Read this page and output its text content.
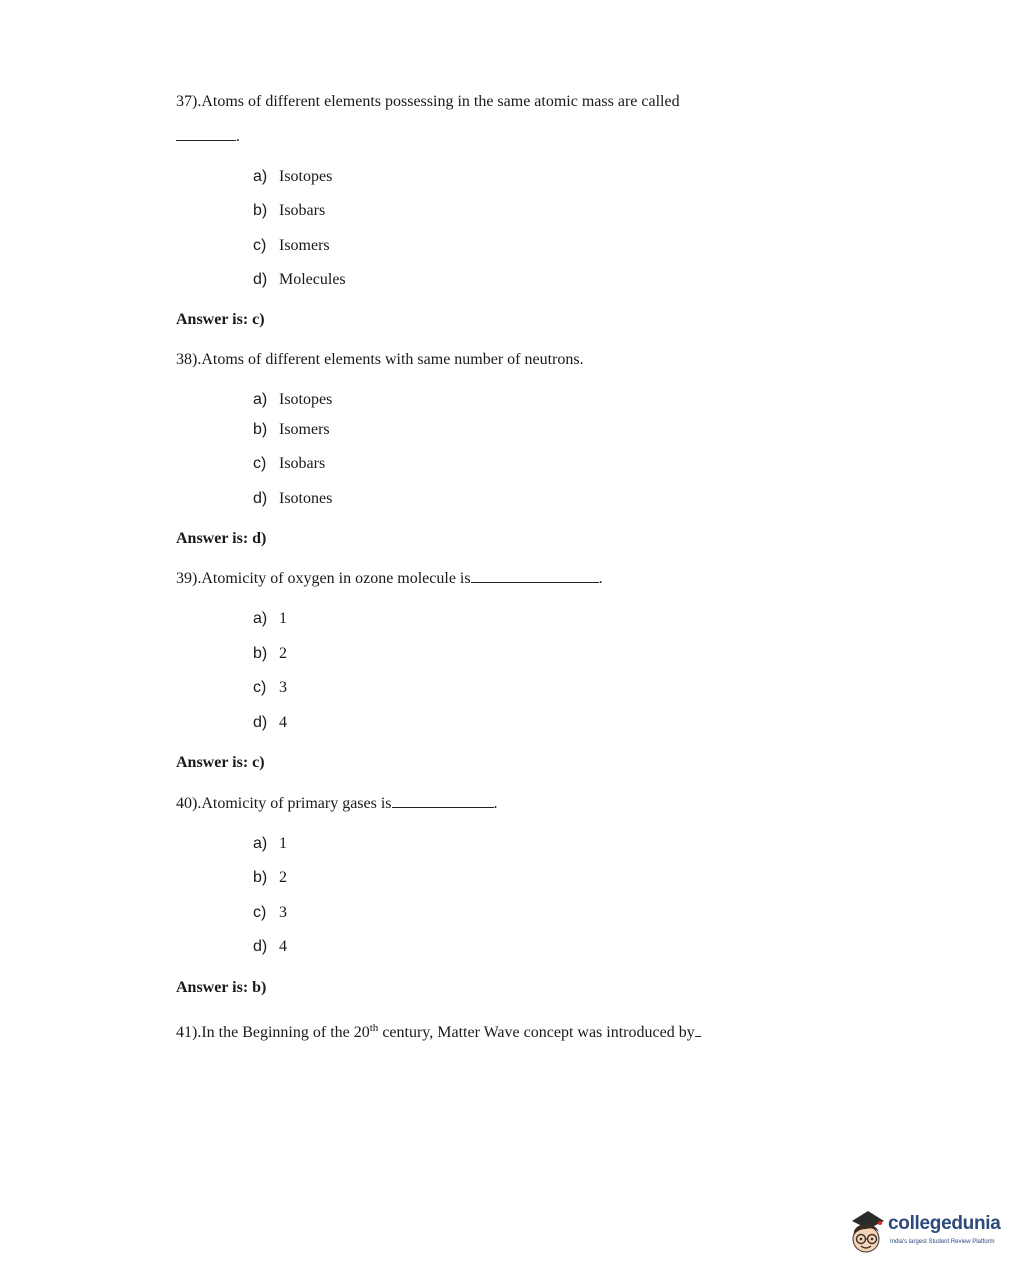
37).Atoms of different elements possessing in the same atomic mass are called
.
a) Isotopes
b) Isobars
c) Isomers
d) Molecules
Answer is: c)
38).Atoms of different elements with same number of neutrons.
a) Isotopes
b) Isomers
c) Isobars
d) Isotones
Answer is: d)
39).Atomicity of oxygen in ozone molecule is	.
a) 1
b) 2
c) 3
d) 4
Answer is: c)
40).Atomicity of primary gases is	.
a) 1
b) 2
c) 3
d) 4
Answer is: b)
41).In the Beginning of the 20th century, Matter Wave concept was introduced by
collegedunia
India's largest Student Review Platform
